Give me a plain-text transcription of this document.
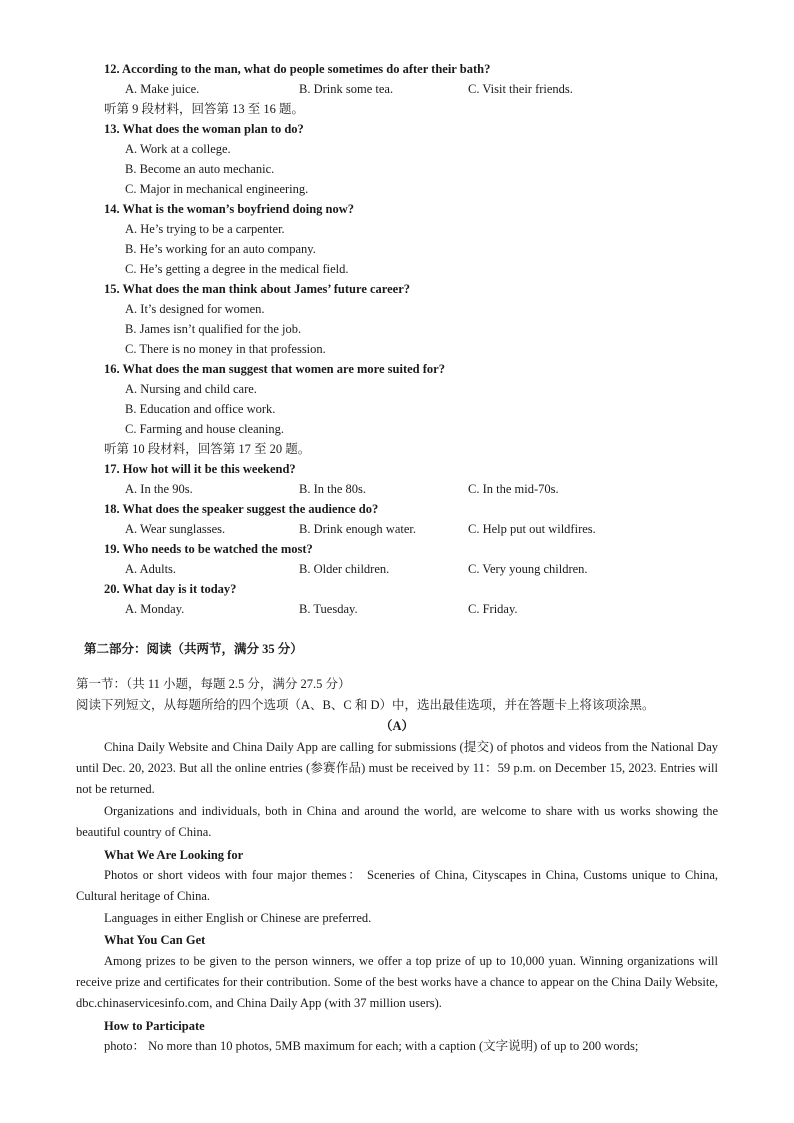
12. According to the man, what do people sometimes do after their bath?
A. Make juice.	B. Drink some tea.	C. Visit their friends.
听第 9 段材料，回答第 13 至 16 题。
13. What does the woman plan to do?
A. Work at a college.
B. Become an auto mechanic.
C. Major in mechanical engineering.
14. What is the woman’s boyfriend doing now?
A. He’s trying to be a carpenter.
B. He’s working for an auto company.
C. He’s getting a degree in the medical field.
15. What does the man think about James’ future career?
A. It’s designed for women.
B. James isn’t qualified for the job.
C. There is no money in that profession.
16. What does the man suggest that women are more suited for?
A. Nursing and child care.
B. Education and office work.
C. Farming and house cleaning.
听第 10 段材料，回答第 17 至 20 题。
17. How hot will it be this weekend?
A. In the 90s.	B. In the 80s.	C. In the mid-70s.
18. What does the speaker suggest the audience do?
A. Wear sunglasses.	B. Drink enough water.	C. Help put out wildfires.
19. Who needs to be watched the most?
A. Adults.	B. Older children.	C. Very young children.
20. What day is it today?
A. Monday.	B. Tuesday.	C. Friday.
第二部分：阅读（共两节，满分 35 分）
第一节：（共 11 小题，每题 2.5 分，满分 27.5 分）
阅读下列短文，从每题所给的四个选项（A、B、C 和 D）中，选出最佳选项，并在答题卡上将该项涂黑。
（A）
China Daily Website and China Daily App are calling for submissions (提交) of photos and videos from the National Day until Dec. 20, 2023. But all the online entries (参赛作品) must be received by 11：59 p.m. on December 15, 2023. Entries will not be returned.
Organizations and individuals, both in China and around the world, are welcome to share with us works showing the beautiful country of China.
What We Are Looking for
Photos or short videos with four major themes： Sceneries of China, Cityscapes in China, Customs unique to China, Cultural heritage of China.
Languages in either English or Chinese are preferred.
What You Can Get
Among prizes to be given to the person winners, we offer a top prize of up to 10,000 yuan. Winning organizations will receive prize and certificates for their contribution. Some of the best works have a chance to appear on the China Daily Website, dbc.chinaservicesinfo.com, and China Daily App (with 37 million users).
How to Participate
photo： No more than 10 photos, 5MB maximum for each; with a caption (文字说明) of up to 200 words;
